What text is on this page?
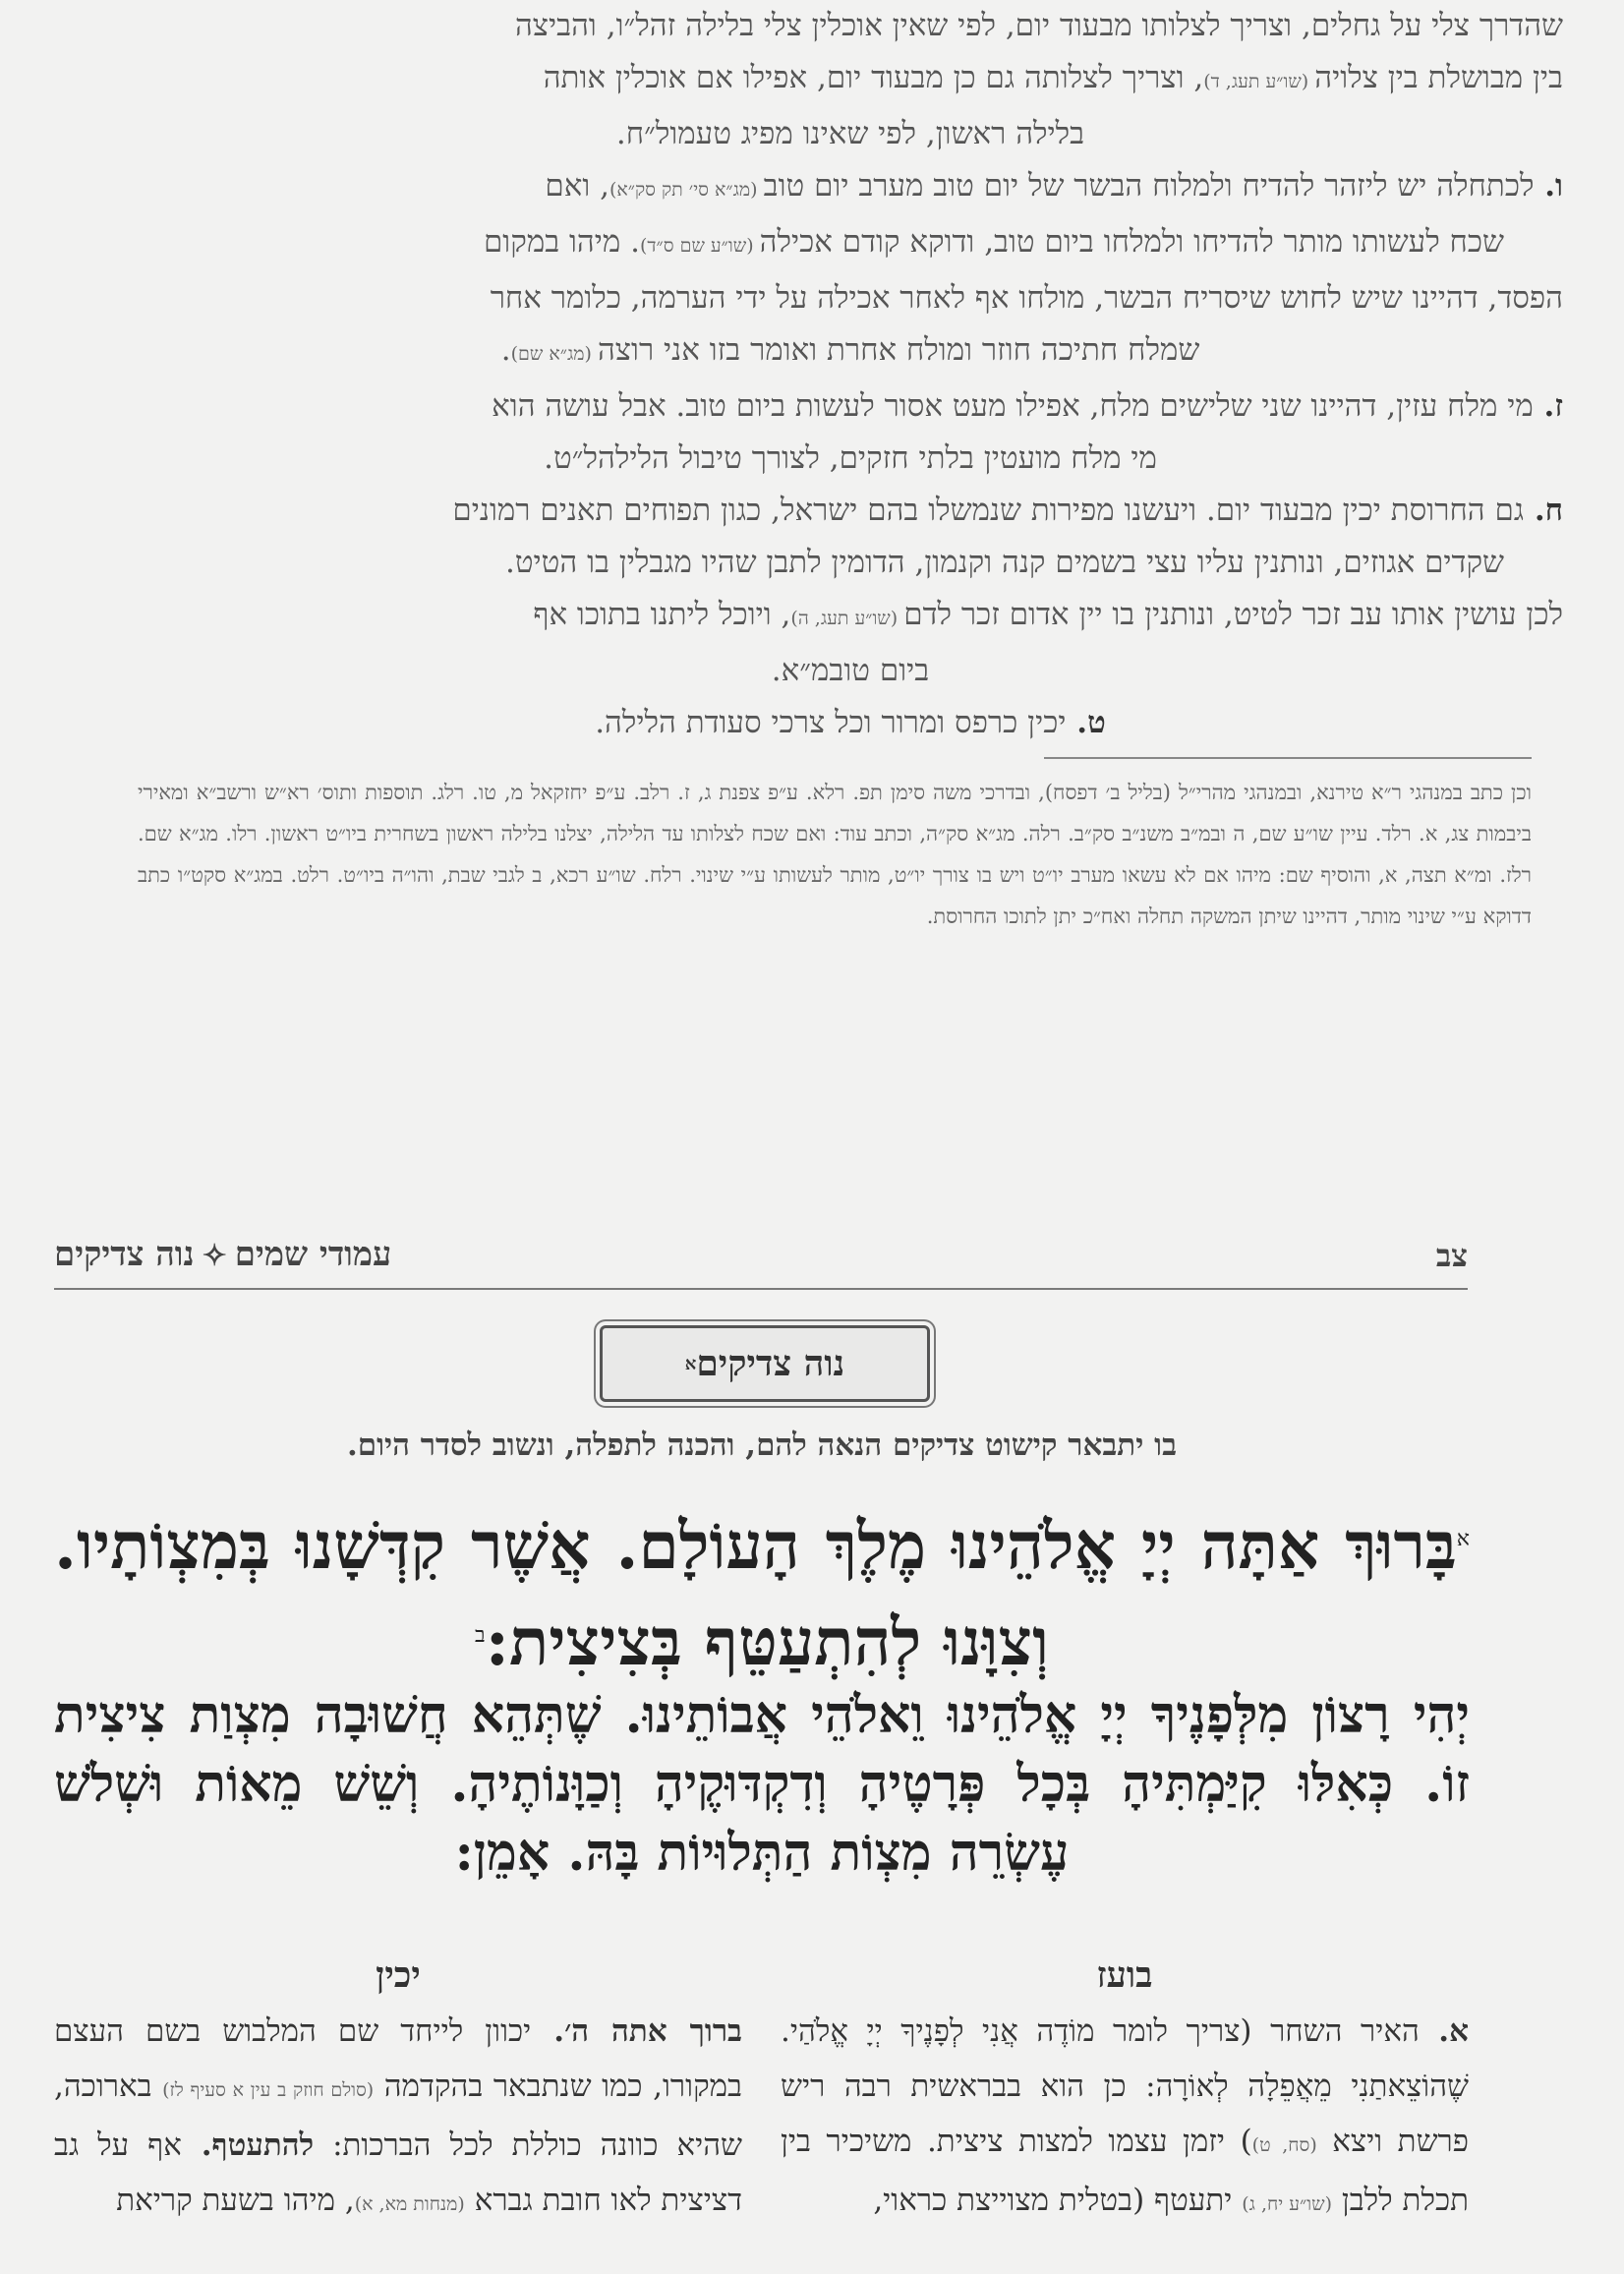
שהדרך צלי על גחלים, וצריך לצלותו מבעוד יום, לפי שאין אוכלין צלי בלילה זהל״ו, והביצה

בין מבושלת בין צלויה (שו״ע תעג, ד), וצריך לצלותה גם כן מבעוד יום, אפילו אם אוכלין אותה

בלילה ראשון, לפי שאינו מפיג טעמול״ח.

ו. לכתחלה יש ליזהר להדיח ולמלוח הבשר של יום טוב מערב יום טוב (מג״א סי׳ תק סק״א), ואם

שכח לעשותו מותר להדיחו ולמלחו ביום טוב, ודוקא קודם אכילה (שו״ע שם ס״ד). מיהו במקום

הפסד, דהיינו שיש לחוש שיסריח הבשר, מולחו אף לאחר אכילה על ידי הערמה, כלומר אחר

שמלח חתיכה חוזר ומולח אחרת ואומר בזו אני רוצה (מג״א שם).

ז. מי מלח עזין, דהיינו שני שלישים מלח, אפילו מעט אסור לעשות ביום טוב. אבל עושה הוא

מי מלח מועטין בלתי חזקים, לצורך טיבול הלילהל״ט.

ח. גם החרוסת יכין מבעוד יום. ויעשנו מפירות שנמשלו בהם ישראל, כגון תפוחים תאנים רמונים

שקדים אגוזים, ונותנין עליו עצי בשמים קנה וקנמון, הדומין לתבן שהיו מגבלין בו הטיט.

לכן עושין אותו עב זכר לטיט, ונותנין בו יין אדום זכר לדם (שו״ע תעג, ה), ויוכל ליתנו בתוכו אף

ביום טובמ״א.

ט. יכין כרפס ומרור וכל צרכי סעודת הלילה.

וכן כתב במנהגי ר״א טירנא, ובמנהגי מהרי״ל (בליל ב׳ דפסח), ובדרכי משה סימן תפ. רלא. ע״פ צפנת ג, ז. רלב. ע״פ יחזקאל מ, טו. רלג. תוספות ותוס׳ רא״ש ורשב״א ומאירי ביבמות צג, א. רלד. עיין שו״ע שם, ה ובמ״ב משנ״ב סק״ב. רלה. מג״א סק״ה, וכתב עוד: ואם שכח לצלותו עד הלילה, יצלנו בלילה ראשון בשחרית ביו״ט ראשון. רלו. מג״א שם. רלז. ומ״א תצה, א, והוסיף שם: מיהו אם לא עשאו מערב יו״ט ויש בו צורך יו״ט, מותר לעשותו ע״י שינוי. רלח. שו״ע רכא, ב לגבי שבת, והו״ה ביו״ט. רלט. במג״א סקט״ו כתב דדוקא ע״י שינוי מותר, דהיינו שיתן המשקה תחלה ואח״כ יתן לתוכו החרוסת.

צב
עמודי שמים✧נוה צדיקים
נוה צדיקים
א

בו יתבאר קישוט צדיקים הנאה להם, והכנה לתפלה, ונשוב לסדר היום.

$^א$בָּרוּךְ אַתָּה יְיָ אֱלֹהֵינוּ מֶלֶךְ הָעוֹלָם. אֲשֶׁר קִדְּשָׁנוּ בְּמִצְוֹתָיו. וְצִוָּנוּ לְהִתְעַטֵּף בְּצִיצִית:$^ב$

יְהִי רָצוֹן מִלְּפָנֶיךָ יְיָ אֱלֹהֵינוּ וֵאלֹהֵי אֲבוֹתֵינוּ. שֶׁתְּהֵא חֲשׁוּבָה מִצְוַת צִיצִית זוֹ. כְּאִלּוּ קִיַּמְתִּיהָ בְּכָל פְּרָטֶיהָ וְדִקְדּוּקֶיהָ וְכַוָּנוֹתֶיהָ. וְשֵׁשׁ מֵאוֹת וּשְׁלֹשׁ עֶשְׂרֵה מִצְוֹת הַתְּלוּיוֹת בָּהּ. אָמֵן:

בועז

א. האיר השחר (צריך לומר מוֹדֶה אֲנִי לְפָנֶיךָ יְיָ אֱלֹהַי. שֶׁהוֹצֵאתַנִי מֵאֲפֵלָה לְאוֹרָה: כן הוא בבראשית רבה ריש פרשת ויצא (סח, ט)) יזמן עצמו למצות ציצית. משיכיר בין תכלת ללבן (שו״ע יח, ג) יתעטף (בטלית מצוייצת כראוי,

יכין

ברוך אתה ה׳. יכוון לייחד שם המלבוש בשם העצם במקורו, כמו שנתבאר בהקדמה (סולם חוזק ב עין א סעיף לז) בארוכה, שהיא כוונה כוללת לכל הברכות: להתעטף. אף על גב דציצית לאו חובת גברא (מנחות מא, א), מיהו בשעת קריאת
